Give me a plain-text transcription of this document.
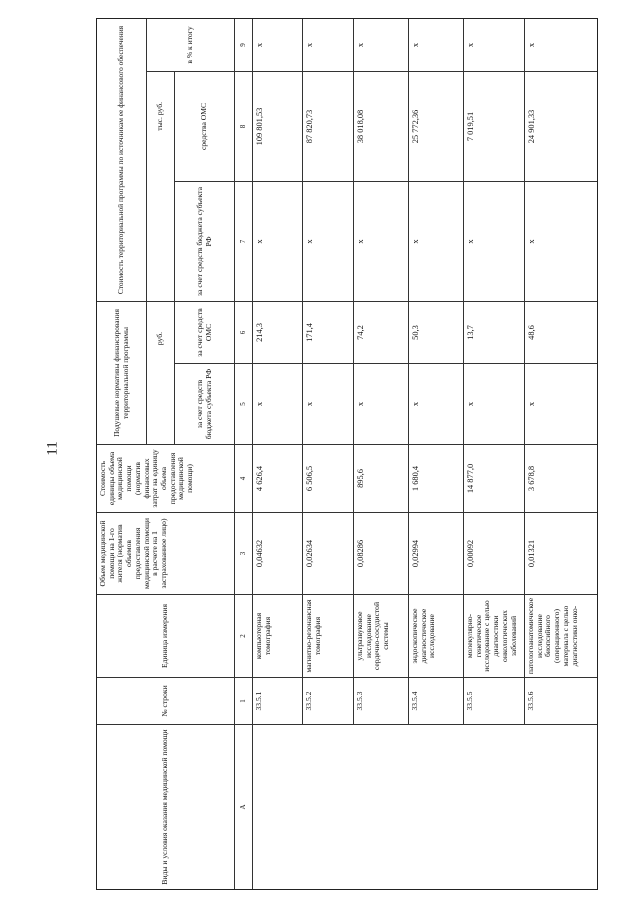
11
Виды и условия оказания медицинской помощи
№ строки
Единица измерения
Объем медицинской помощи на 1-го жителя (норматив объемов предоставления медицинской помощи в расчете на 1 застрахованное лицо)
Стоимость единицы объема медицинской помощи (норматив финансовых затрат на единицу объема предоставления медицинской помощи)
Подушевые нормативы финансирования территориальной программы	руб.
за счет средств бюджета субъекта РФ
за счет средств ОМС
Стоимость территориальной программы по источникам ее финансового обеспечения	тыс. руб.
за счет средств бюджета субъекта РФ
средства ОМС
в % к итогу
А
1
2
3
4
5
6
7
8
9
33.5.1
компьютерная томография
0,04632
4 626,4
х
214,3
х
109 801,53
х
33.5.2
магнитно-резонансная томография
0,02634
6 506,5
х
171,4
х
87 820,73
х
33.5.3
ультразвуковое исследование сердечно-сосудистой системы
0,08286
895,6
х
74,2
х
38 018,08
х
33.5.4
эндоскопическое диагностическое исследование
0,02994
1 680,4
х
50,3
х
25 772,36
х
33.5.5
молекулярно-генетическое исследование с целью диагностики онкологических заболеваний
0,00092
14 877,0
х
13,7
х
7 019,51
х
33.5.6
патологоанатомическое исследование биопсийного (операционного) материала с целью диагностики онко-
0,01321
3 678,8
х
48,6
х
24 901,33
х
